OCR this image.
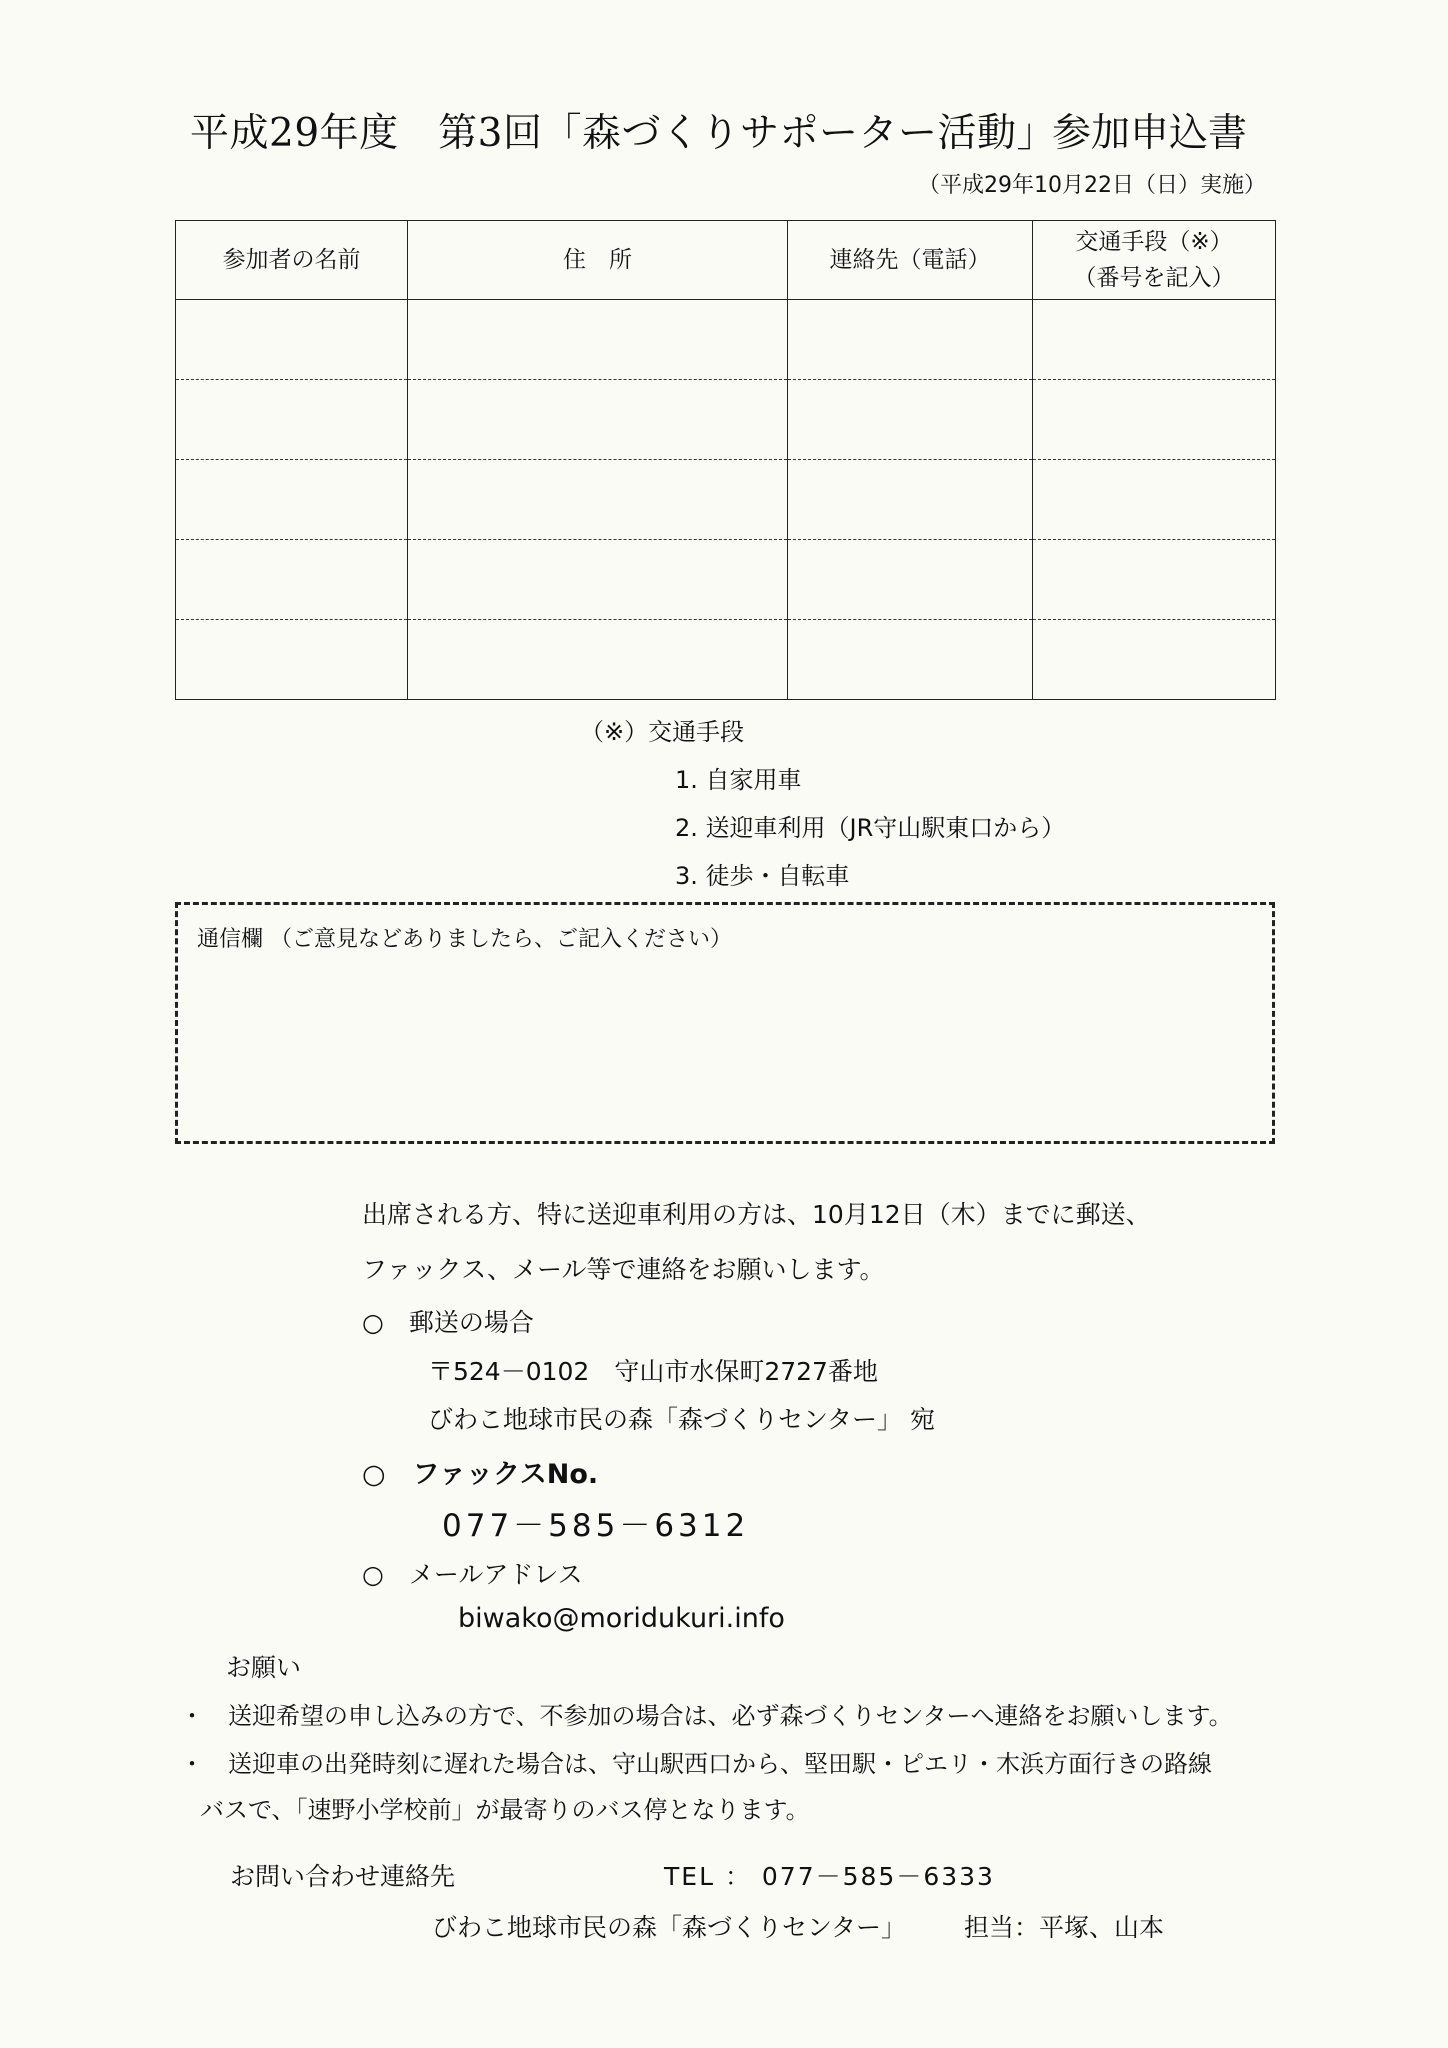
平成29年度　第3回「森づくりサポーター活動」
参加申込書
（平成29年10月22日（日）実施）
参加者の名前	住　所	連絡先（電話）	交通手段（※）
（番号を記入）

（※）交通手段
1. 自家用車
2. 送迎車利用（JR守山駅東口から）
3. 徒歩・自転車
通信欄 （ご意見などありましたら、ご記入ください）
出席される方、特に送迎車利用の方は、10月12日（木）までに郵送、
ファックス、メール等で連絡をお願いします。
○　郵送の場合
〒524－0102　守山市水保町2727番地
びわこ地球市民の森「森づくりセンター」 宛
○　ファックスNo.
077－585－6312
○　メールアドレス
biwako@moridukuri.info
お願い
・　送迎希望の申し込みの方で、不参加の場合は、必ず森づくりセンターへ連絡をお願いします。
・　送迎車の出発時刻に遅れた場合は、守山駅西口から、堅田駅・ピエリ・木浜方面行きの路線
バスで、「速野小学校前」が最寄りのバス停となります。
お問い合わせ連絡先	TEL ： 077－585－6333
びわこ地球市民の森「森づくりセンター」 担当：平塚、山本
